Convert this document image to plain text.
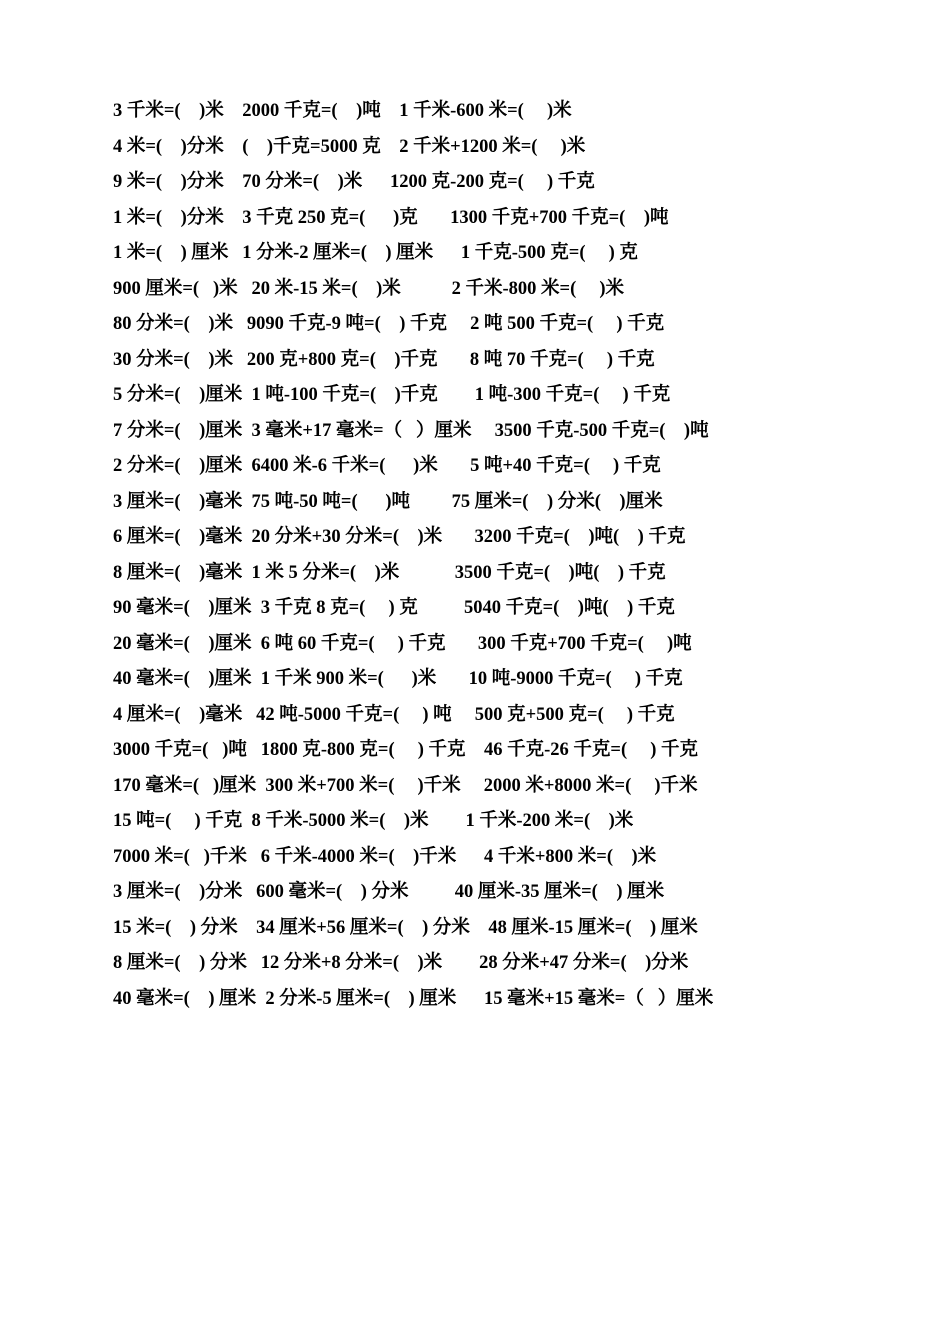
3 千米=(    )米    2000 千克=(    )吨    1 千米-600 米=(     )米
4 米=(    )分米    (    )千克=5000 克    2 千米+1200 米=(     )米
9 米=(    )分米    70 分米=(    )米      1200 克-200 克=(     ) 千克
1 米=(    )分米    3 千克 250 克=(      )克       1300 千克+700 千克=(    )吨
1 米=(    ) 厘米   1 分米-2 厘米=(    ) 厘米      1 千克-500 克=(     ) 克
900 厘米=(   )米   20 米-15 米=(    )米           2 千米-800 米=(     )米
80 分米=(    )米   9090 千克-9 吨=(    ) 千克     2 吨 500 千克=(     ) 千克
30 分米=(    )米   200 克+800 克=(    )千克       8 吨 70 千克=(     ) 千克
5 分米=(    )厘米  1 吨-100 千克=(    )千克        1 吨-300 千克=(     ) 千克
7 分米=(    )厘米  3 毫米+17 毫米=（   ）厘米     3500 千克-500 千克=(    )吨
2 分米=(    )厘米  6400 米-6 千米=(      )米       5 吨+40 千克=(     ) 千克
3 厘米=(    )毫米  75 吨-50 吨=(      )吨         75 厘米=(    ) 分米(    )厘米
6 厘米=(    )毫米  20 分米+30 分米=(    )米       3200 千克=(    )吨(    ) 千克
8 厘米=(    )毫米  1 米 5 分米=(    )米            3500 千克=(    )吨(    ) 千克
90 毫米=(    )厘米  3 千克 8 克=(     ) 克          5040 千克=(    )吨(    ) 千克
20 毫米=(    )厘米  6 吨 60 千克=(     ) 千克       300 千克+700 千克=(     )吨
40 毫米=(    )厘米  1 千米 900 米=(      )米       10 吨-9000 千克=(     ) 千克
4 厘米=(    )毫米   42 吨-5000 千克=(     ) 吨     500 克+500 克=(     ) 千克
3000 千克=(   )吨   1800 克-800 克=(     ) 千克    46 千克-26 千克=(     ) 千克
170 毫米=(   )厘米  300 米+700 米=(     )千米     2000 米+8000 米=(     )千米
15 吨=(     ) 千克  8 千米-5000 米=(    )米        1 千米-200 米=(    )米
7000 米=(   )千米   6 千米-4000 米=(    )千米      4 千米+800 米=(    )米
3 厘米=(    )分米   600 毫米=(    ) 分米          40 厘米-35 厘米=(    ) 厘米
15 米=(    ) 分米    34 厘米+56 厘米=(    ) 分米    48 厘米-15 厘米=(    ) 厘米
8 厘米=(    ) 分米   12 分米+8 分米=(    )米        28 分米+47 分米=(    )分米
40 毫米=(    ) 厘米  2 分米-5 厘米=(    ) 厘米      15 毫米+15 毫米=（   ）厘米
